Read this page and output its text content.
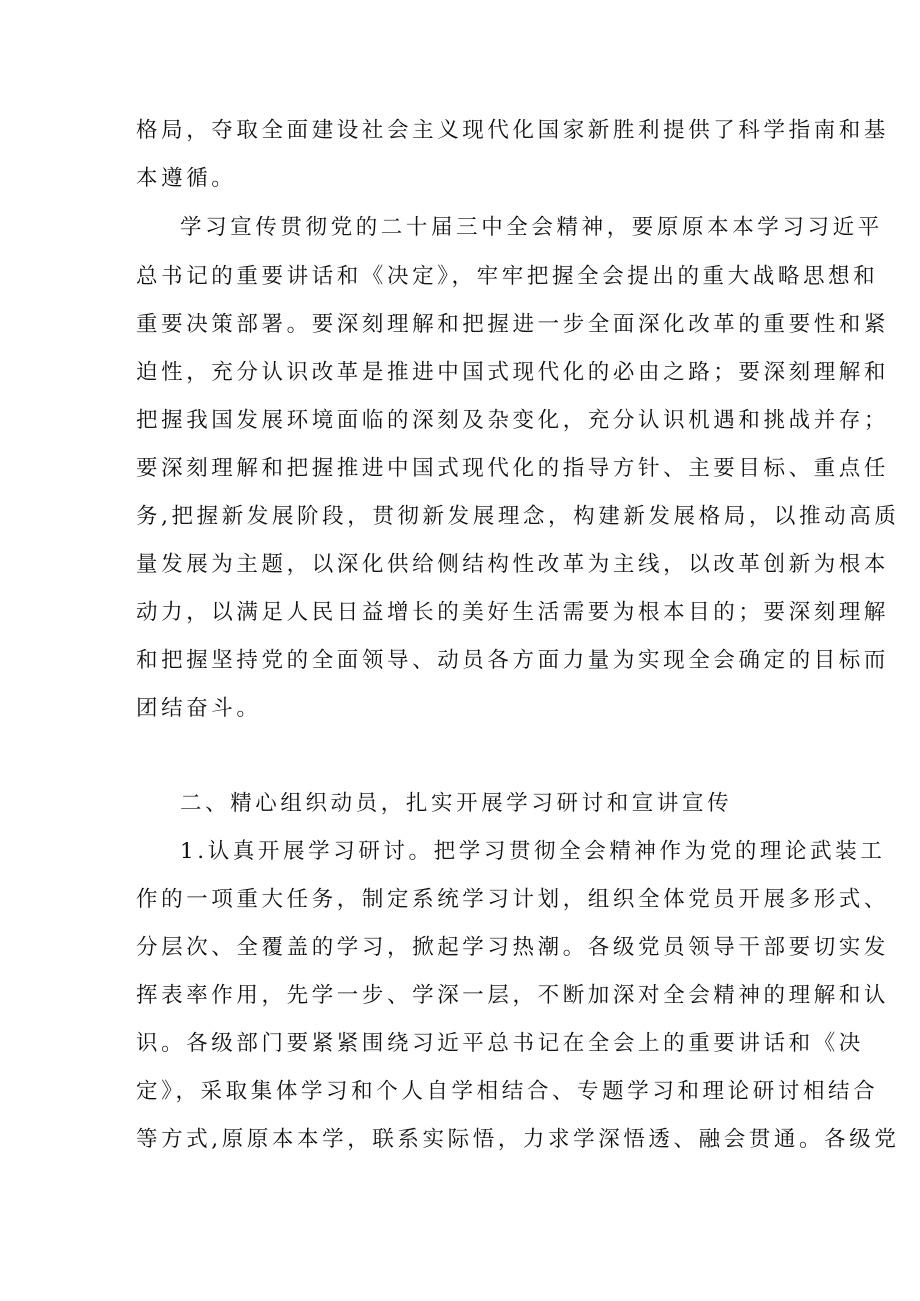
格局，夺取全面建设社会主义现代化国家新胜利提供了科学指南和基
本遵循。
学习宣传贯彻党的二十届三中全会精神，要原原本本学习习近平
总书记的重要讲话和《决定》，牢牢把握全会提出的重大战略思想和
重要决策部署。要深刻理解和把握进一步全面深化改革的重要性和紧
迫性，充分认识改革是推进中国式现代化的必由之路；要深刻理解和
把握我国发展环境面临的深刻及杂变化，充分认识机遇和挑战并存；
要深刻理解和把握推进中国式现代化的指导方针、主要目标、重点任
务,把握新发展阶段，贯彻新发展理念，构建新发展格局，以推动高质
量发展为主题，以深化供给侧结构性改革为主线，以改革创新为根本
动力，以满足人民日益增长的美好生活需要为根本目的；要深刻理解
和把握坚持党的全面领导、动员各方面力量为实现全会确定的目标而
团结奋斗。
二、精心组织动员，扎实开展学习研讨和宣讲宣传
1.认真开展学习研讨。把学习贯彻全会精神作为党的理论武装工
作的一项重大任务，制定系统学习计划，组织全体党员开展多形式、
分层次、全覆盖的学习，掀起学习热潮。各级党员领导干部要切实发
挥表率作用，先学一步、学深一层，不断加深对全会精神的理解和认
识。各级部门要紧紧围绕习近平总书记在全会上的重要讲话和《决
定》，采取集体学习和个人自学相结合、专题学习和理论研讨相结合
等方式,原原本本学，联系实际悟，力求学深悟透、融会贯通。各级党
